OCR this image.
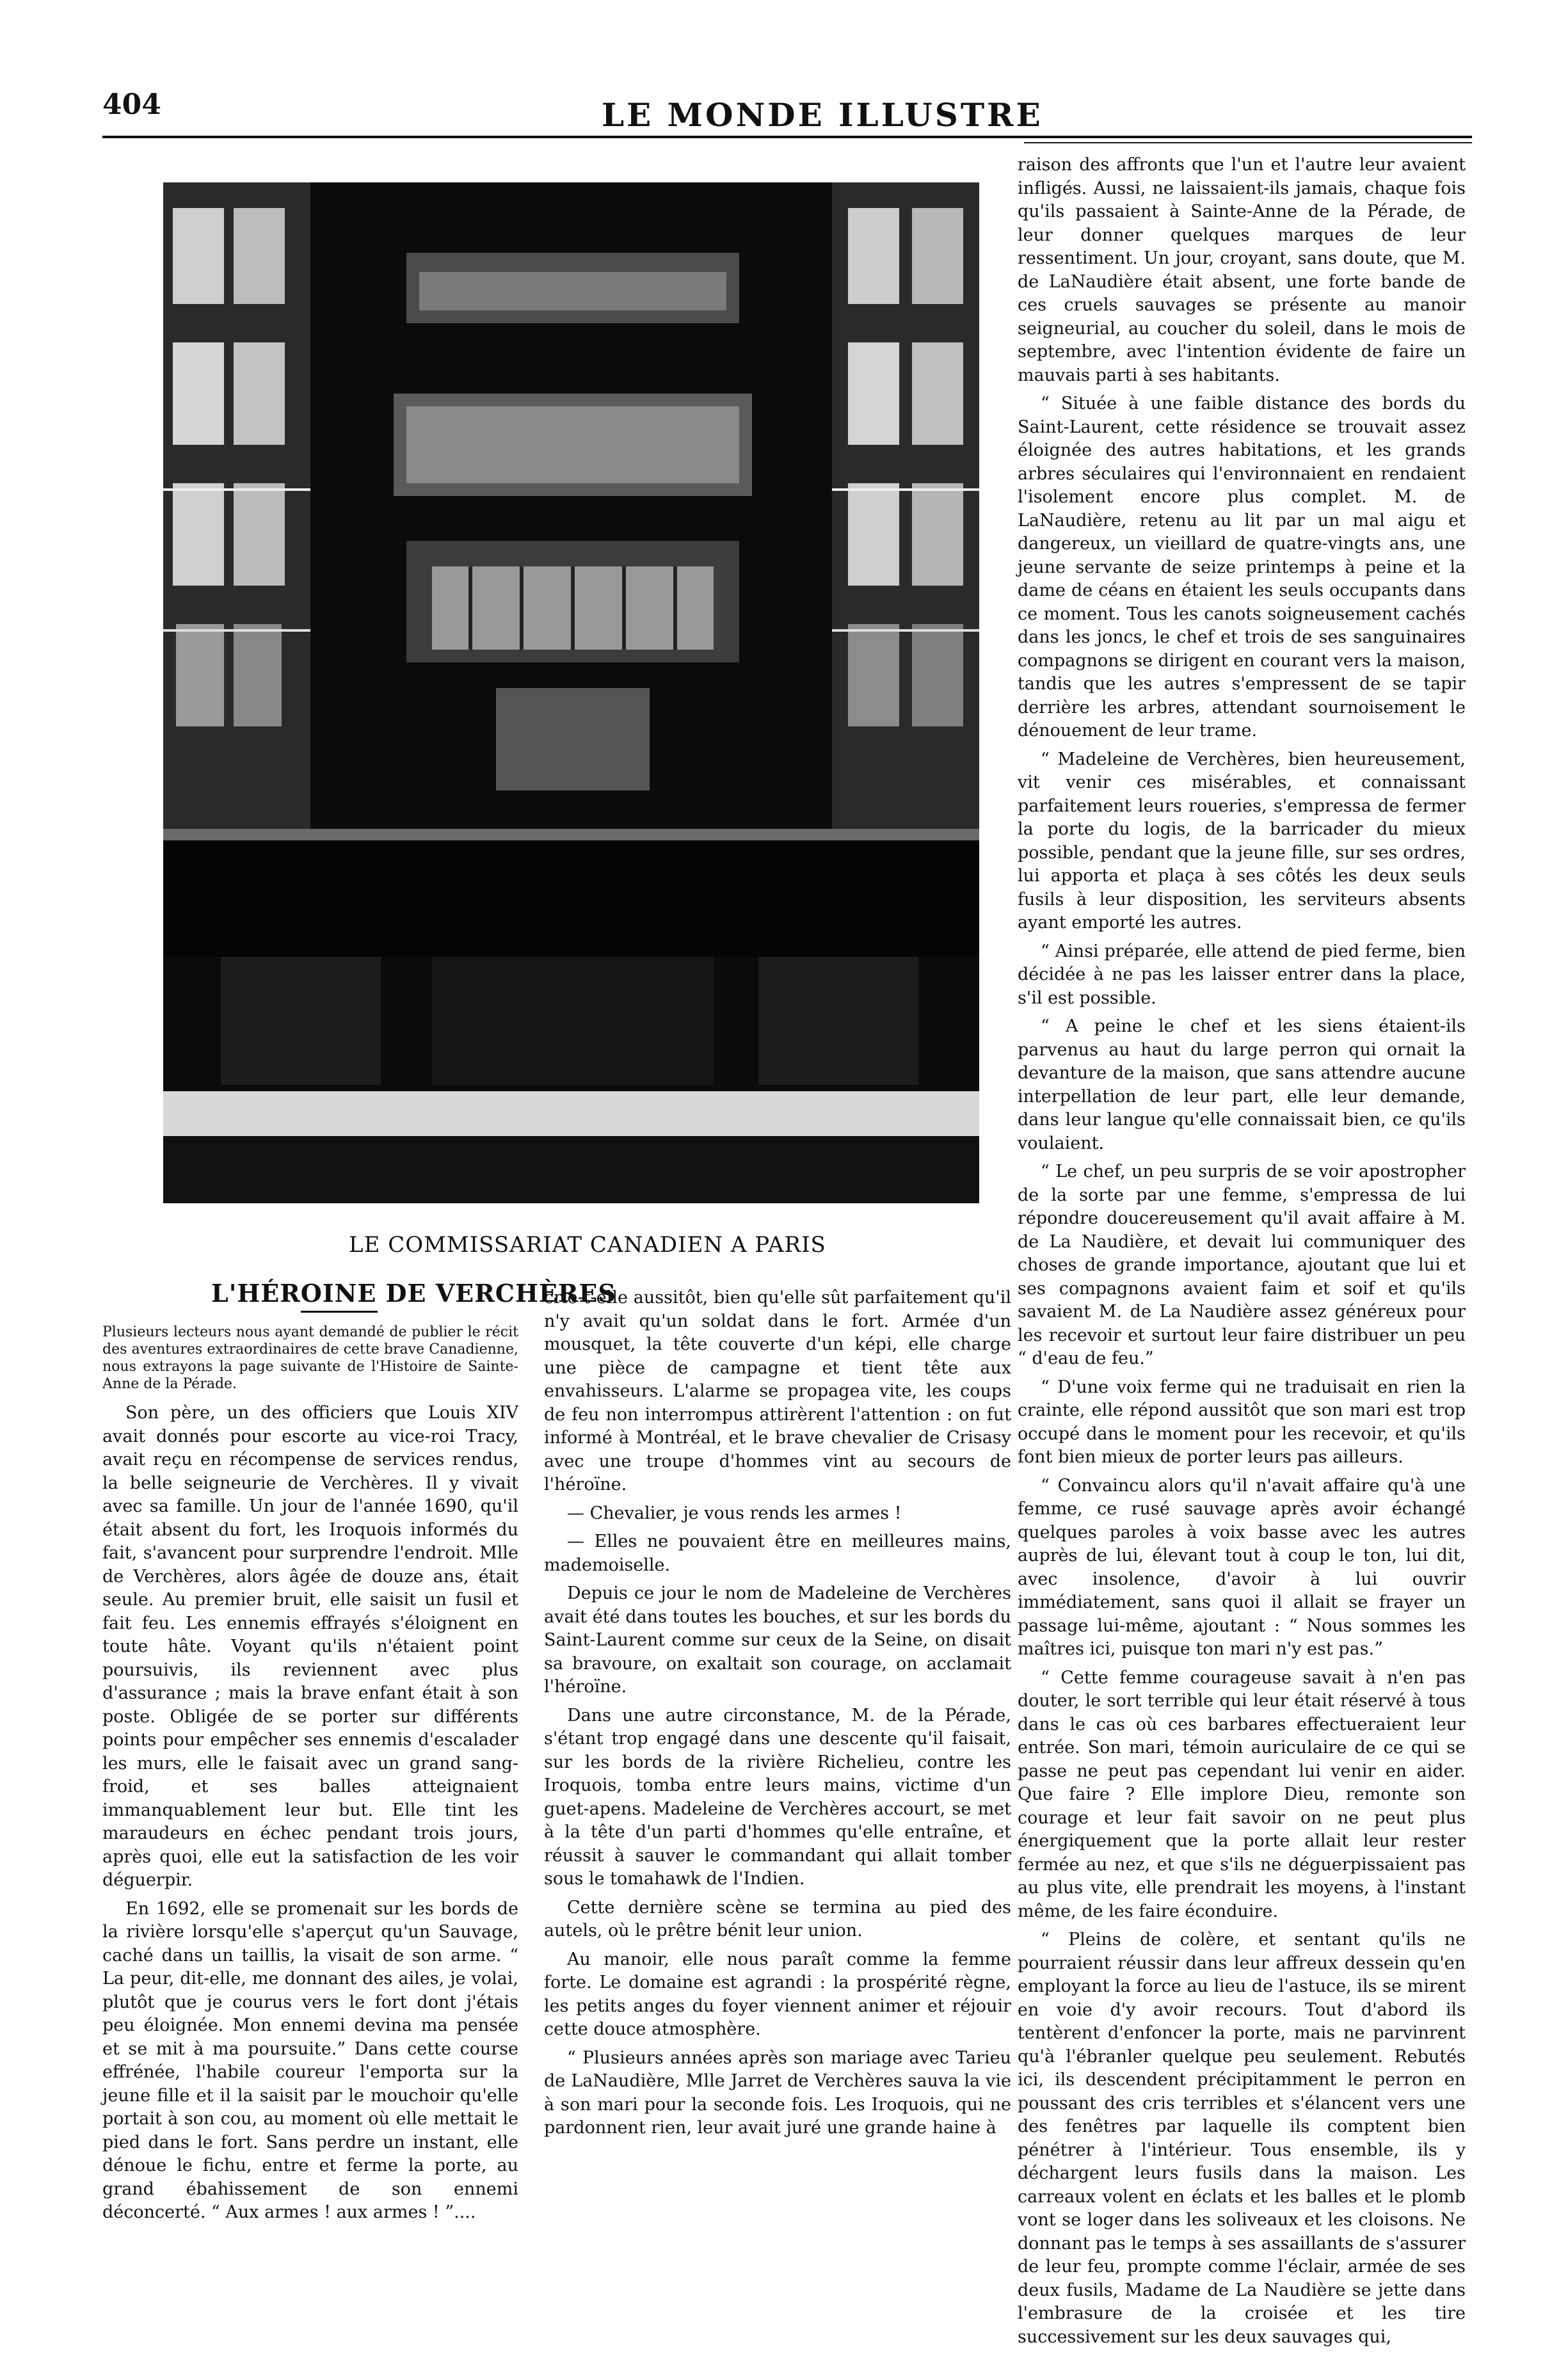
404	LE MONDE ILLUSTRE
LE COMMISSARIAT CANADIEN A PARIS
L'HÉROINE DE VERCHÈRES
Plusieurs lecteurs nous ayant demandé de publier le récit des aventures extraordinaires de cette brave Canadienne, nous extrayons la page suivante de l'Histoire de Sainte-Anne de la Pérade.

Son père, un des officiers que Louis XIV avait donnés pour escorte au vice-roi Tracy, avait reçu en récompense de services rendus, la belle seigneurie de Verchères. Il y vivait avec sa famille. Un jour de l'année 1690, qu'il était absent du fort, les Iroquois informés du fait, s'avancent pour surprendre l'endroit. Mlle de Verchères, alors âgée de douze ans, était seule. Au premier bruit, elle saisit un fusil et fait feu. Les ennemis effrayés s'éloignent en toute hâte. Voyant qu'ils n'étaient point poursuivis, ils reviennent avec plus d'assurance ; mais la brave enfant était à son poste. Obligée de se porter sur différents points pour empêcher ses ennemis d'escalader les murs, elle le faisait avec un grand sang-froid, et ses balles atteignaient immanquablement leur but. Elle tint les maraudeurs en échec pendant trois jours, après quoi, elle eut la satisfaction de les voir déguerpir.

En 1692, elle se promenait sur les bords de la rivière lorsqu'elle s'aperçut qu'un Sauvage, caché dans un taillis, la visait de son arme. “ La peur, dit-elle, me donnant des ailes, je volai, plutôt que je courus vers le fort dont j'étais peu éloignée. Mon ennemi devina ma pensée et se mit à ma poursuite.” Dans cette course effrénée, l'habile coureur l'emporta sur la jeune fille et il la saisit par le mouchoir qu'elle portait à son cou, au moment où elle mettait le pied dans le fort. Sans perdre un instant, elle dénoue le fichu, entre et ferme la porte, au grand ébahissement de son ennemi déconcerté. “ Aux armes ! aux armes ! ”....

crie-t-elle aussitôt, bien qu'elle sût parfaitement qu'il n'y avait qu'un soldat dans le fort. Armée d'un mousquet, la tête couverte d'un képi, elle charge une pièce de campagne et tient tête aux envahisseurs. L'alarme se propagea vite, les coups de feu non interrompus attirèrent l'attention : on fut informé à Montréal, et le brave chevalier de Crisasy avec une troupe d'hommes vint au secours de l'héroïne.

— Chevalier, je vous rends les armes !

— Elles ne pouvaient être en meilleures mains, mademoiselle.

Depuis ce jour le nom de Madeleine de Verchères avait été dans toutes les bouches, et sur les bords du Saint-Laurent comme sur ceux de la Seine, on disait sa bravoure, on exaltait son courage, on acclamait l'héroïne.

Dans une autre circonstance, M. de la Pérade, s'étant trop engagé dans une descente qu'il faisait, sur les bords de la rivière Richelieu, contre les Iroquois, tomba entre leurs mains, victime d'un guet-apens. Madeleine de Verchères accourt, se met à la tête d'un parti d'hommes qu'elle entraîne, et réussit à sauver le commandant qui allait tomber sous le tomahawk de l'Indien.

Cette dernière scène se termina au pied des autels, où le prêtre bénit leur union.

Au manoir, elle nous paraît comme la femme forte. Le domaine est agrandi : la prospérité règne, les petits anges du foyer viennent animer et réjouir cette douce atmosphère.

“ Plusieurs années après son mariage avec Tarieu de LaNaudière, Mlle Jarret de Verchères sauva la vie à son mari pour la seconde fois. Les Iroquois, qui ne pardonnent rien, leur avait juré une grande haine à

raison des affronts que l'un et l'autre leur avaient infligés. Aussi, ne laissaient-ils jamais, chaque fois qu'ils passaient à Sainte-Anne de la Pérade, de leur donner quelques marques de leur ressentiment. Un jour, croyant, sans doute, que M. de LaNaudière était absent, une forte bande de ces cruels sauvages se présente au manoir seigneurial, au coucher du soleil, dans le mois de septembre, avec l'intention évidente de faire un mauvais parti à ses habitants.

“ Située à une faible distance des bords du Saint-Laurent, cette résidence se trouvait assez éloignée des autres habitations, et les grands arbres séculaires qui l'environnaient en rendaient l'isolement encore plus complet. M. de LaNaudière, retenu au lit par un mal aigu et dangereux, un vieillard de quatre-vingts ans, une jeune servante de seize printemps à peine et la dame de céans en étaient les seuls occupants dans ce moment. Tous les canots soigneusement cachés dans les joncs, le chef et trois de ses sanguinaires compagnons se dirigent en courant vers la maison, tandis que les autres s'empressent de se tapir derrière les arbres, attendant sournoisement le dénouement de leur trame.

“ Madeleine de Verchères, bien heureusement, vit venir ces misérables, et connaissant parfaitement leurs roueries, s'empressa de fermer la porte du logis, de la barricader du mieux possible, pendant que la jeune fille, sur ses ordres, lui apporta et plaça à ses côtés les deux seuls fusils à leur disposition, les serviteurs absents ayant emporté les autres.

“ Ainsi préparée, elle attend de pied ferme, bien décidée à ne pas les laisser entrer dans la place, s'il est possible.

“ A peine le chef et les siens étaient-ils parvenus au haut du large perron qui ornait la devanture de la maison, que sans attendre aucune interpellation de leur part, elle leur demande, dans leur langue qu'elle connaissait bien, ce qu'ils voulaient.

“ Le chef, un peu surpris de se voir apostropher de la sorte par une femme, s'empressa de lui répondre doucereusement qu'il avait affaire à M. de La Naudière, et devait lui communiquer des choses de grande importance, ajoutant que lui et ses compagnons avaient faim et soif et qu'ils savaient M. de La Naudière assez généreux pour les recevoir et surtout leur faire distribuer un peu “ d'eau de feu.”

“ D'une voix ferme qui ne traduisait en rien la crainte, elle répond aussitôt que son mari est trop occupé dans le moment pour les recevoir, et qu'ils font bien mieux de porter leurs pas ailleurs.

“ Convaincu alors qu'il n'avait affaire qu'à une femme, ce rusé sauvage après avoir échangé quelques paroles à voix basse avec les autres auprès de lui, élevant tout à coup le ton, lui dit, avec insolence, d'avoir à lui ouvrir immédiatement, sans quoi il allait se frayer un passage lui-même, ajoutant : “ Nous sommes les maîtres ici, puisque ton mari n'y est pas.”

“ Cette femme courageuse savait à n'en pas douter, le sort terrible qui leur était réservé à tous dans le cas où ces barbares effectueraient leur entrée. Son mari, témoin auriculaire de ce qui se passe ne peut pas cependant lui venir en aider. Que faire ? Elle implore Dieu, remonte son courage et leur fait savoir on ne peut plus énergiquement que la porte allait leur rester fermée au nez, et que s'ils ne déguerpissaient pas au plus vite, elle prendrait les moyens, à l'instant même, de les faire éconduire.

“ Pleins de colère, et sentant qu'ils ne pourraient réussir dans leur affreux dessein qu'en employant la force au lieu de l'astuce, ils se mirent en voie d'y avoir recours. Tout d'abord ils tentèrent d'enfoncer la porte, mais ne parvinrent qu'à l'ébranler quelque peu seulement. Rebutés ici, ils descendent précipitamment le perron en poussant des cris terribles et s'élancent vers une des fenêtres par laquelle ils comptent bien pénétrer à l'intérieur. Tous ensemble, ils y déchargent leurs fusils dans la maison. Les carreaux volent en éclats et les balles et le plomb vont se loger dans les soliveaux et les cloisons. Ne donnant pas le temps à ses assaillants de s'assurer de leur feu, prompte comme l'éclair, armée de ses deux fusils, Madame de La Naudière se jette dans l'embrasure de la croisée et les tire successivement sur les deux sauvages qui,
